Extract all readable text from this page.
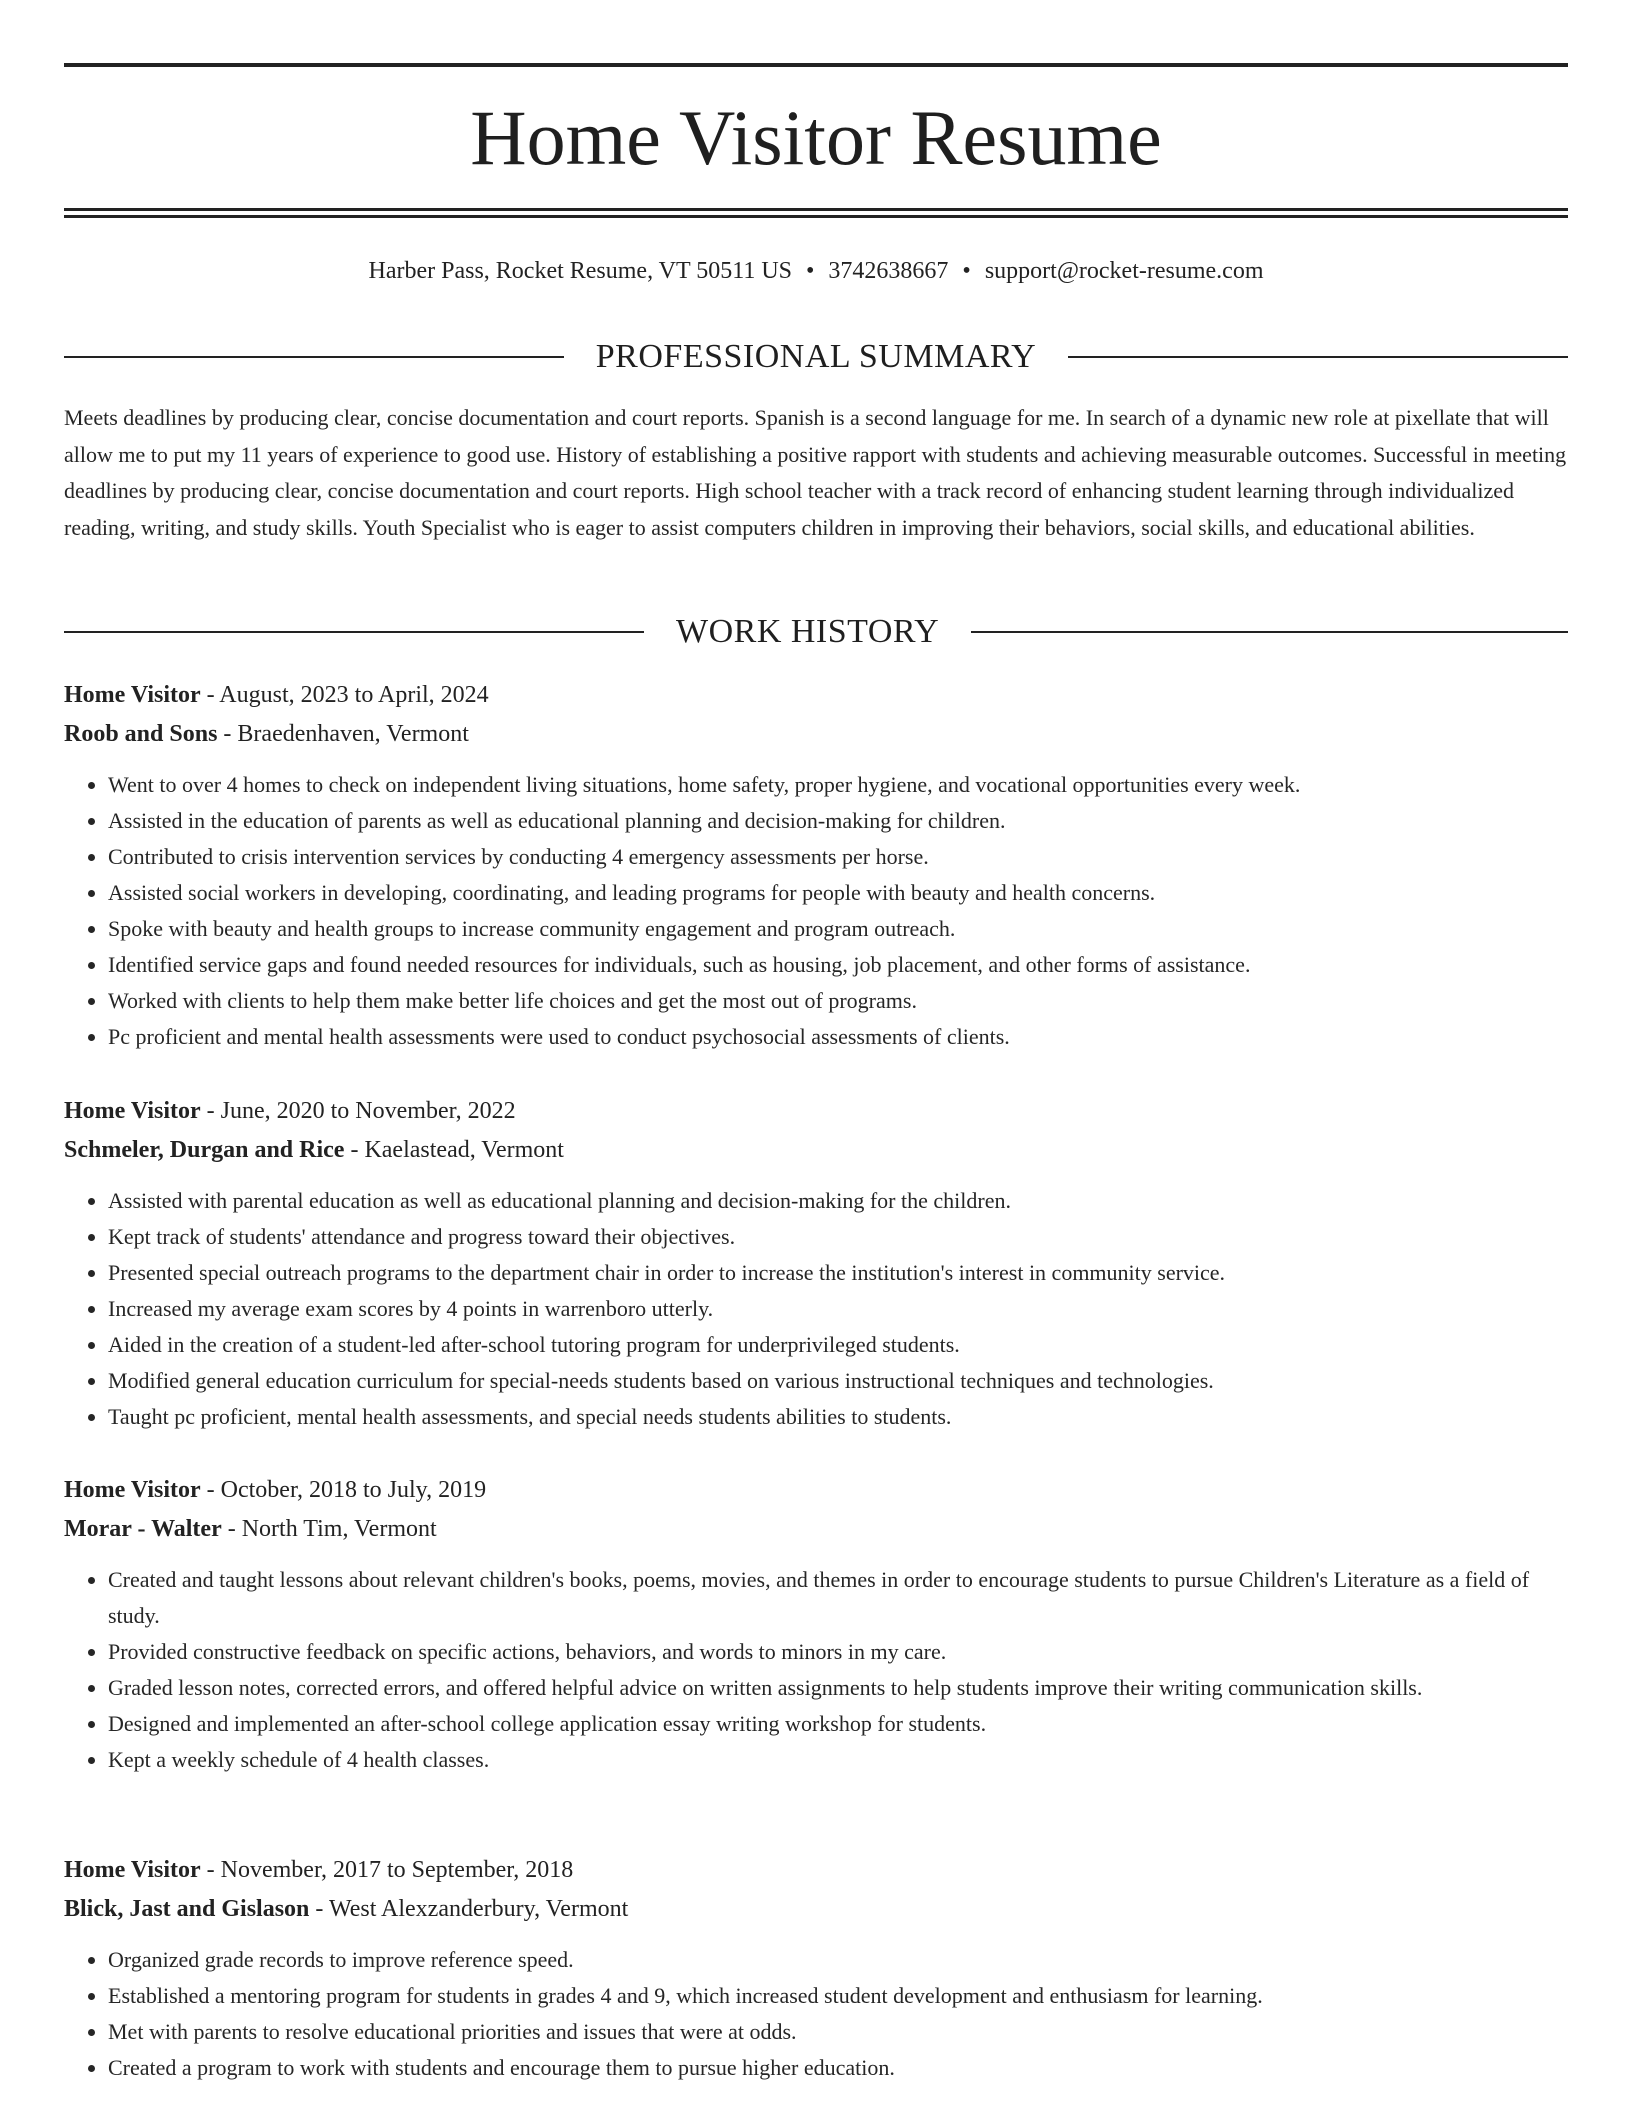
Home Visitor Resume
Harber Pass, Rocket Resume, VT 50511 US • 3742638667 • support@rocket-resume.com
PROFESSIONAL SUMMARY

Meets deadlines by producing clear, concise documentation and court reports. Spanish is a second language for me. In search of a dynamic new role at pixellate that will allow me to put my 11 years of experience to good use. History of establishing a positive rapport with students and achieving measurable outcomes. Successful in meeting deadlines by producing clear, concise documentation and court reports. High school teacher with a track record of enhancing student learning through individualized reading, writing, and study skills. Youth Specialist who is eager to assist computers children in improving their behaviors, social skills, and educational abilities.

WORK HISTORY
Home Visitor - August, 2023 to April, 2024
Roob and Sons - Braedenhaven, Vermont
• Went to over 4 homes to check on independent living situations, home safety, proper hygiene, and vocational opportunities every week.
• Assisted in the education of parents as well as educational planning and decision-making for children.
• Contributed to crisis intervention services by conducting 4 emergency assessments per horse.
• Assisted social workers in developing, coordinating, and leading programs for people with beauty and health concerns.
• Spoke with beauty and health groups to increase community engagement and program outreach.
• Identified service gaps and found needed resources for individuals, such as housing, job placement, and other forms of assistance.
• Worked with clients to help them make better life choices and get the most out of programs.
• Pc proficient and mental health assessments were used to conduct psychosocial assessments of clients.
Home Visitor - June, 2020 to November, 2022
Schmeler, Durgan and Rice - Kaelastead, Vermont
• Assisted with parental education as well as educational planning and decision-making for the children.
• Kept track of students' attendance and progress toward their objectives.
• Presented special outreach programs to the department chair in order to increase the institution's interest in community service.
• Increased my average exam scores by 4 points in warrenboro utterly.
• Aided in the creation of a student-led after-school tutoring program for underprivileged students.
• Modified general education curriculum for special-needs students based on various instructional techniques and technologies.
• Taught pc proficient, mental health assessments, and special needs students abilities to students.
Home Visitor - October, 2018 to July, 2019
Morar - Walter - North Tim, Vermont
• Created and taught lessons about relevant children's books, poems, movies, and themes in order to encourage students to pursue Children's Literature as a field of study.
• Provided constructive feedback on specific actions, behaviors, and words to minors in my care.
• Graded lesson notes, corrected errors, and offered helpful advice on written assignments to help students improve their writing communication skills.
• Designed and implemented an after-school college application essay writing workshop for students.
• Kept a weekly schedule of 4 health classes.
Home Visitor - November, 2017 to September, 2018
Blick, Jast and Gislason - West Alexzanderbury, Vermont
• Organized grade records to improve reference speed.
• Established a mentoring program for students in grades 4 and 9, which increased student development and enthusiasm for learning.
• Met with parents to resolve educational priorities and issues that were at odds.
• Created a program to work with students and encourage them to pursue higher education.
